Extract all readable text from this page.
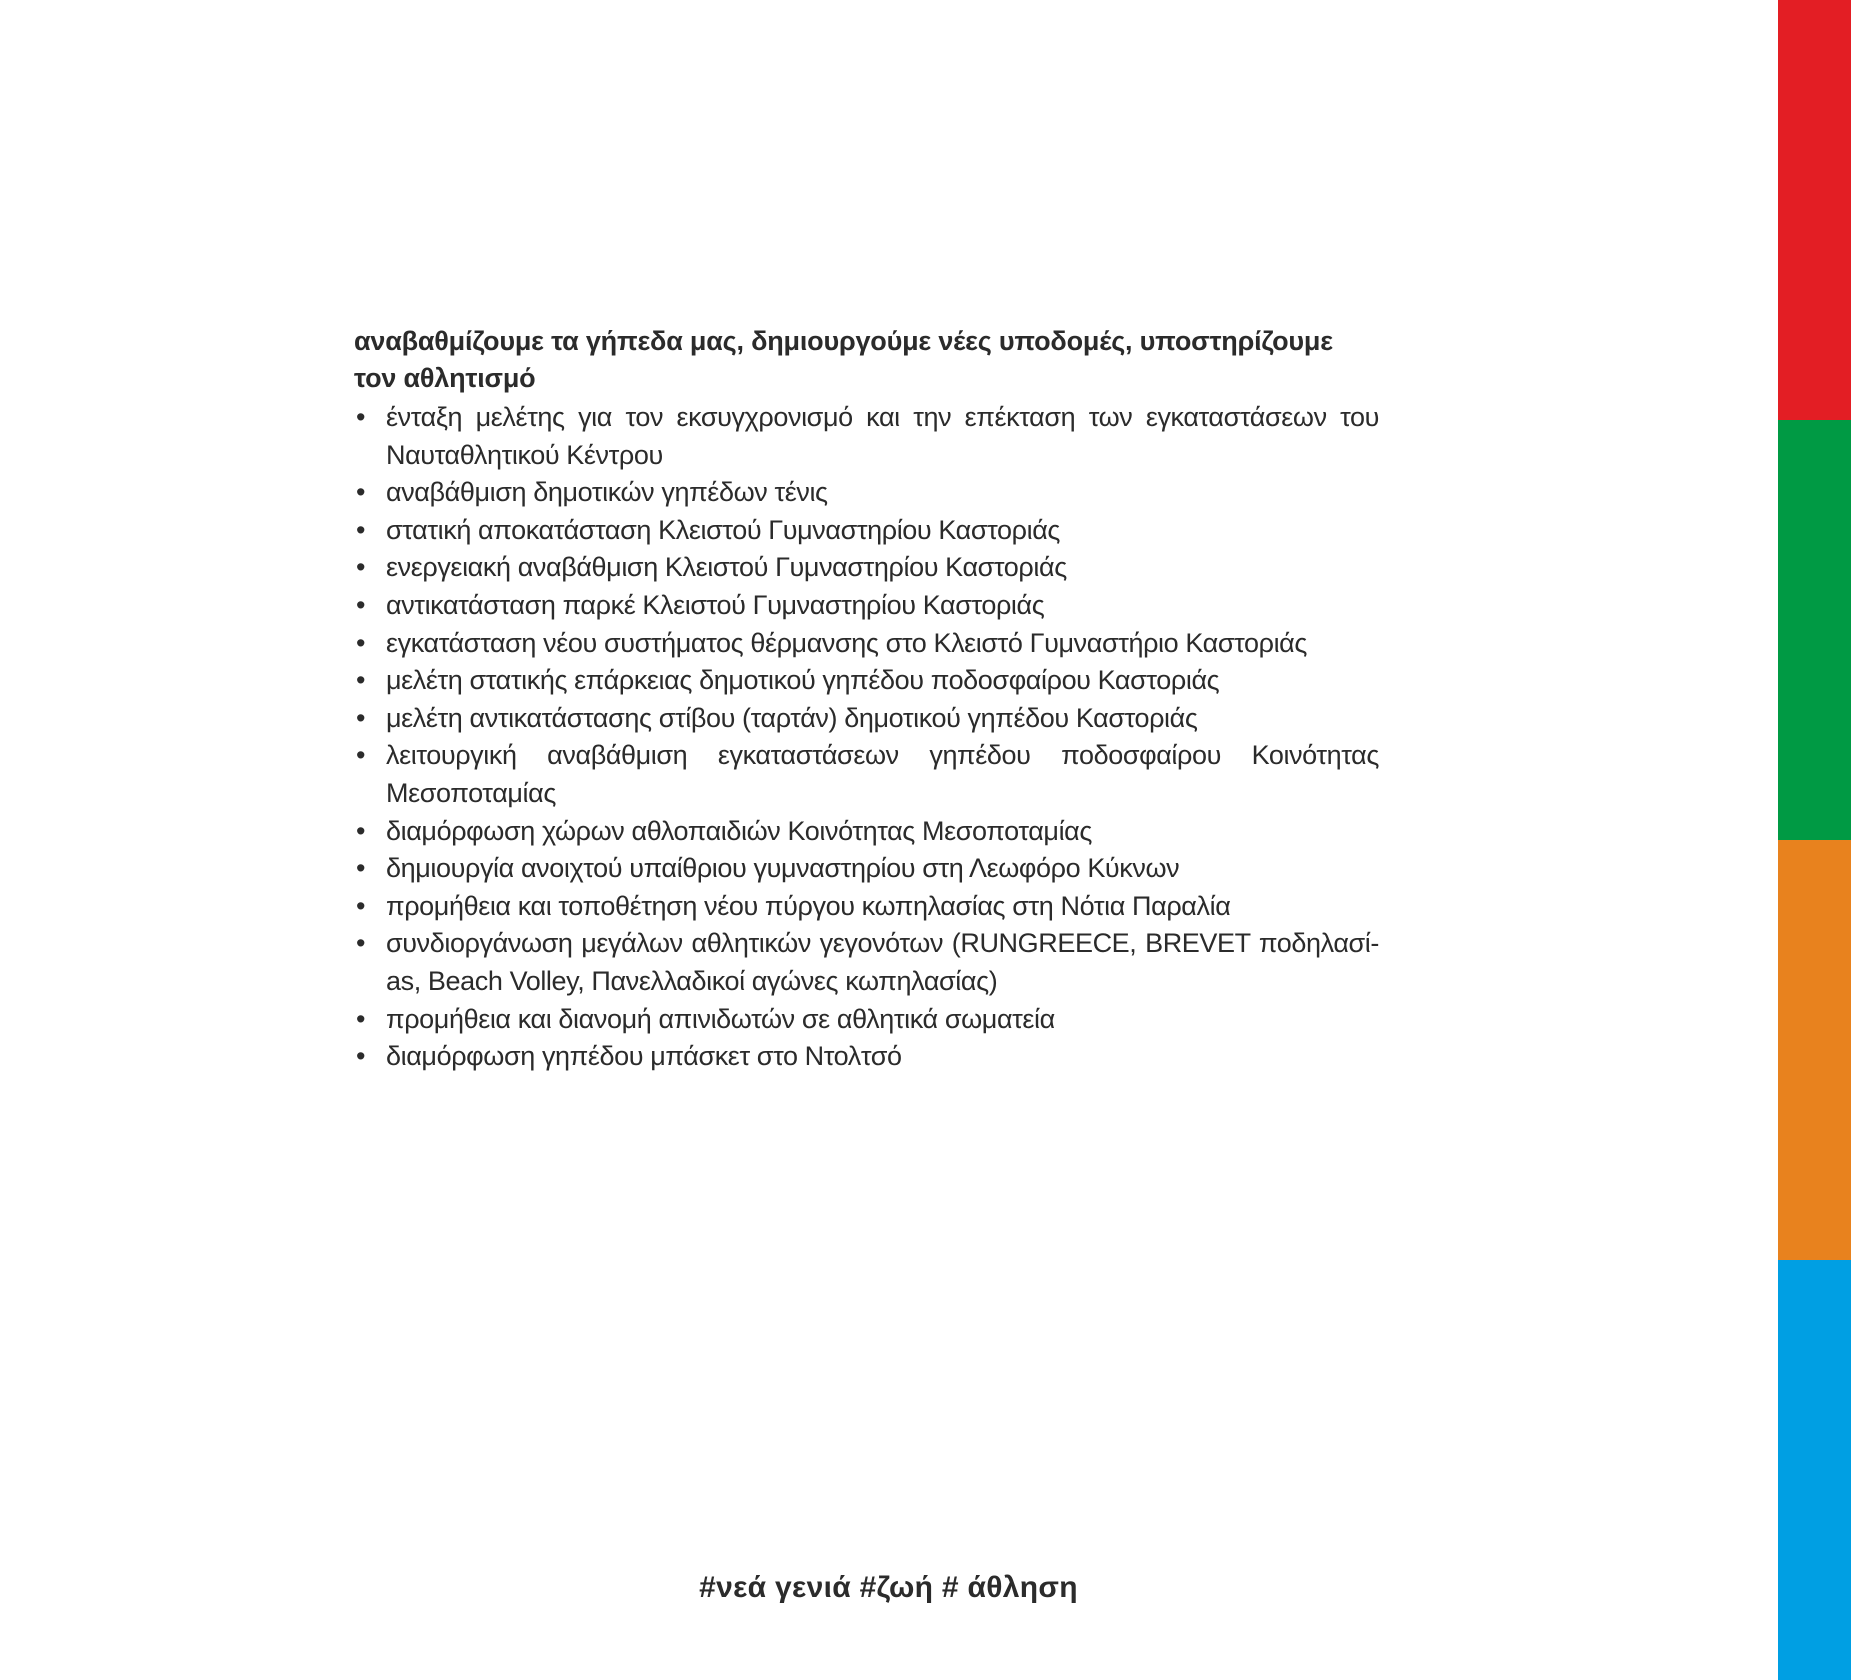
αναβαθμίζουμε τα γήπεδα μας, δημιουργούμε νέες υποδομές, υποστηρίζουμε τον αθλητισμό
• ένταξη μελέτης για τον εκσυγχρονισμό και την επέκταση των εγκαταστάσεων του Ναυταθλητικού Κέντρου
• αναβάθμιση δημοτικών γηπέδων τένις
• στατική αποκατάσταση Κλειστού Γυμναστηρίου Καστοριάς
• ενεργειακή αναβάθμιση Κλειστού Γυμναστηρίου Καστοριάς
• αντικατάσταση παρκέ Κλειστού Γυμναστηρίου Καστοριάς
• εγκατάσταση νέου συστήματος θέρμανσης στο Κλειστό Γυμναστήριο Καστοριάς
• μελέτη στατικής επάρκειας δημοτικού γηπέδου ποδοσφαίρου Καστοριάς
• μελέτη αντικατάστασης στίβου (ταρτάν) δημοτικού γηπέδου Καστοριάς
• λειτουργική αναβάθμιση εγκαταστάσεων γηπέδου ποδοσφαίρου Κοινότητας Μεσοποταμίας
• διαμόρφωση χώρων αθλοπαιδιών Κοινότητας Μεσοποταμίας
• δημιουργία ανοιχτού υπαίθριου γυμναστηρίου στη Λεωφόρο Κύκνων
• προμήθεια και τοποθέτηση νέου πύργου κωπηλασίας στη Νότια Παραλία
• συνδιοργάνωση μεγάλων αθλητικών γεγονότων (RUNGREECE, BREVET ποδηλασί-as, Beach Volley, Πανελλαδικοί αγώνες κωπηλασίας)
• προμήθεια και διανομή απινιδωτών σε αθλητικά σωματεία
• διαμόρφωση γηπέδου μπάσκετ στο Ντολτσό
#νεά γενιά #ζωή # άθληση
